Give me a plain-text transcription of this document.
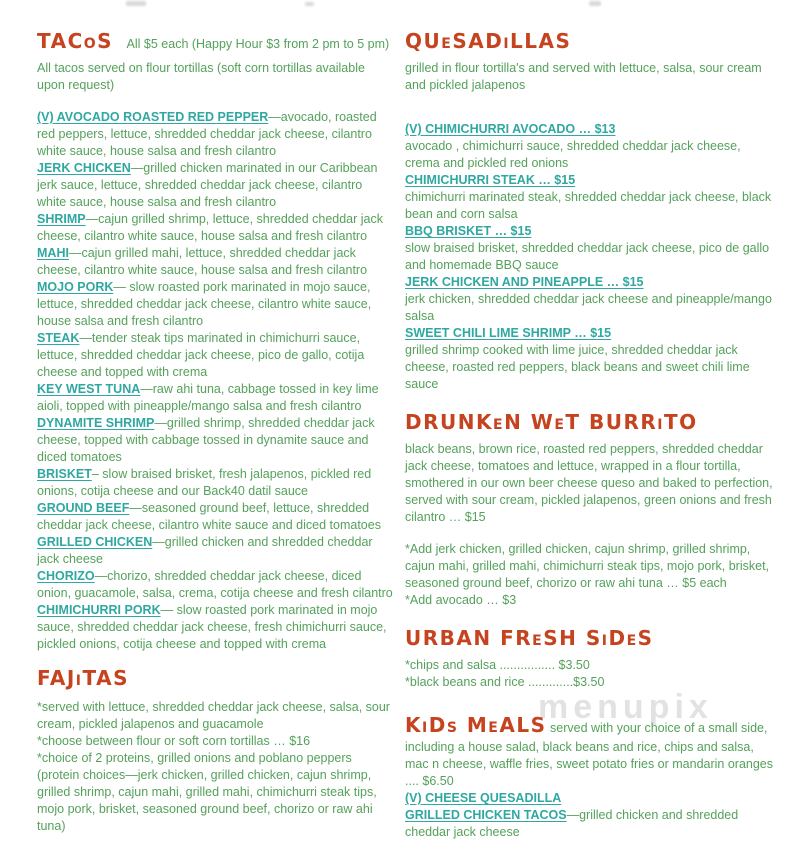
TACOS All $5 each (Happy Hour $3 from 2 pm to 5 pm)

All tacos served on flour tortillas (soft corn tortillas available upon request)

(V) AVOCADO ROASTED RED PEPPER—avocado, roasted red peppers, lettuce, shredded cheddar jack cheese, cilantro white sauce, house salsa and fresh cilantro

JERK CHICKEN—grilled chicken marinated in our Caribbean jerk sauce, lettuce, shredded cheddar jack cheese, cilantro white sauce, house salsa and fresh cilantro

SHRIMP—cajun grilled shrimp, lettuce, shredded cheddar jack cheese, cilantro white sauce, house salsa and fresh cilantro

MAHI—cajun grilled mahi, lettuce, shredded cheddar jack cheese, cilantro white sauce, house salsa and fresh cilantro

MOJO PORK— slow roasted pork marinated in mojo sauce, lettuce, shredded cheddar jack cheese, cilantro white sauce, house salsa and fresh cilantro

STEAK—tender steak tips marinated in chimichurri sauce, lettuce, shredded cheddar jack cheese, pico de gallo, cotija cheese and topped with crema

KEY WEST TUNA—raw ahi tuna, cabbage tossed in key lime aioli, topped with pineapple/mango salsa and fresh cilantro

DYNAMITE SHRIMP—grilled shrimp, shredded cheddar jack cheese, topped with cabbage tossed in dynamite sauce and diced tomatoes

BRISKET– slow braised brisket, fresh jalapenos, pickled red onions, cotija cheese and our Back40 datil sauce

GROUND BEEF—seasoned ground beef, lettuce, shredded cheddar jack cheese, cilantro white sauce and diced tomatoes

GRILLED CHICKEN—grilled chicken and shredded cheddar jack cheese

CHORIZO—chorizo, shredded cheddar jack cheese, diced onion, guacamole, salsa, crema, cotija cheese and fresh cilantro

CHIMICHURRI PORK— slow roasted pork marinated in mojo sauce, shredded cheddar jack cheese, fresh chimichurri sauce, pickled onions, cotija cheese and topped with crema

FAJITAS

*served with lettuce, shredded cheddar jack cheese, salsa, sour cream, pickled jalapenos and guacamole

*choose between flour or soft corn tortillas … $16

*choice of 2 proteins, grilled onions and poblano peppers

(protein choices—jerk chicken, grilled chicken, cajun shrimp, grilled shrimp, cajun mahi, grilled mahi, chimichurri steak tips, mojo pork, brisket, seasoned ground beef, chorizo or raw ahi tuna)

QUESADILLAS

grilled in flour tortilla's and served with lettuce, salsa, sour cream and pickled jalapenos

(V) CHIMICHURRI AVOCADO … $13

avocado , chimichurri sauce, shredded cheddar jack cheese, crema and pickled red onions

CHIMICHURRI STEAK … $15

chimichurri marinated steak, shredded cheddar jack cheese, black bean and corn salsa

BBQ BRISKET … $15

slow braised brisket, shredded cheddar jack cheese, pico de gallo and homemade BBQ sauce

JERK CHICKEN AND PINEAPPLE … $15

jerk chicken, shredded cheddar jack cheese and pineapple/mango salsa

SWEET CHILI LIME SHRIMP … $15

grilled shrimp cooked with lime juice, shredded cheddar jack cheese, roasted red peppers, black beans and sweet chili lime sauce

DRUNKEN WET BURRITO

black beans, brown rice, roasted red peppers, shredded cheddar jack cheese, tomatoes and lettuce, wrapped in a flour tortilla, smothered in our own beer cheese queso and baked to perfection, served with sour cream, pickled jalapenos, green onions and fresh cilantro … $15

*Add jerk chicken, grilled chicken, cajun shrimp, grilled shrimp, cajun mahi, grilled mahi, chimichurri steak tips, mojo pork, brisket, seasoned ground beef, chorizo or raw ahi tuna … $5 each

*Add avocado … $3

URBAN FRESH SIDES

*chips and salsa ................ $3.50

*black beans and rice .............$3.50

KIDS MEALS served with your choice of a small side, including a house salad, black beans and rice, chips and salsa, mac n cheese, waffle fries, sweet potato fries or mandarin oranges .... $6.50

(V) CHEESE QUESADILLA

GRILLED CHICKEN TACOS—grilled chicken and shredded cheddar jack cheese

menupix
